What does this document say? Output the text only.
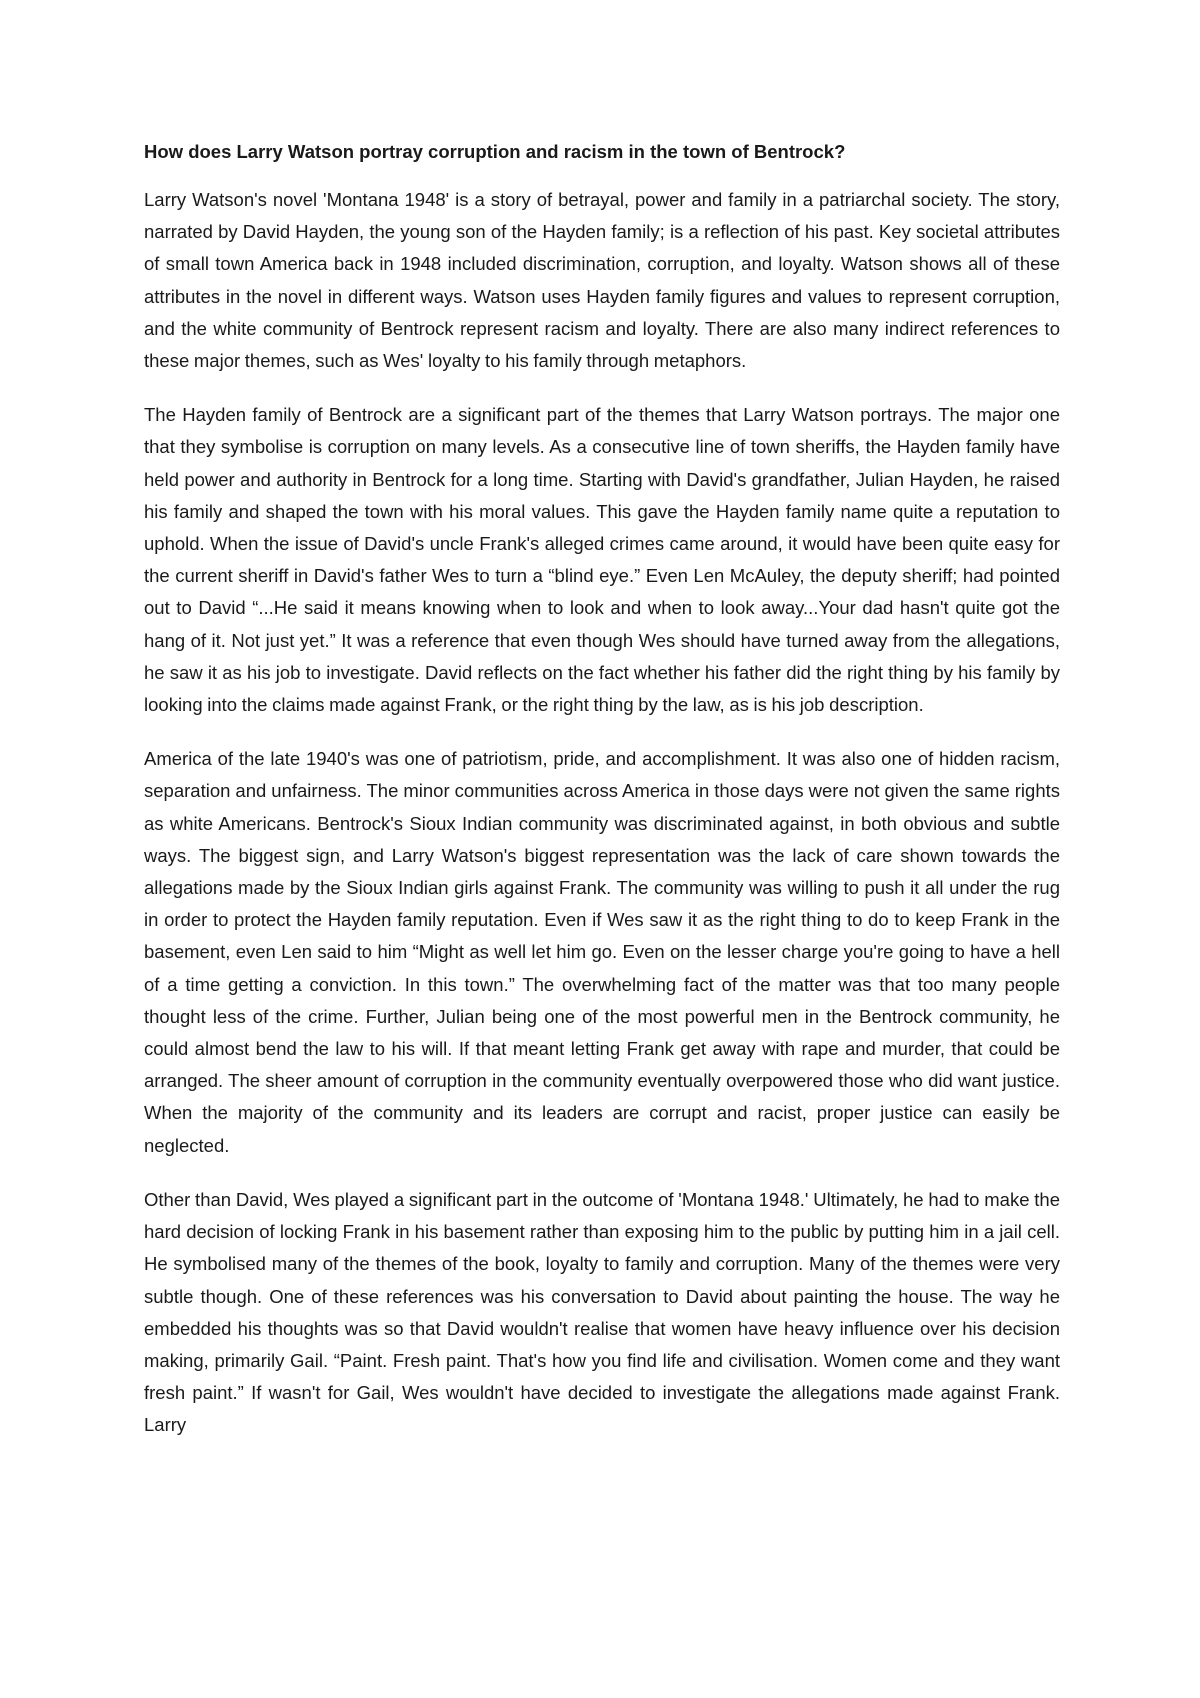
How does Larry Watson portray corruption and racism in the town of Bentrock?

Larry Watson's novel 'Montana 1948' is a story of betrayal, power and family in a patriarchal society. The story, narrated by David Hayden, the young son of the Hayden family; is a reflection of his past. Key societal attributes of small town America back in 1948 included discrimination, corruption, and loyalty. Watson shows all of these attributes in the novel in different ways. Watson uses Hayden family figures and values to represent corruption, and the white community of Bentrock represent racism and loyalty. There are also many indirect references to these major themes, such as Wes' loyalty to his family through metaphors.

The Hayden family of Bentrock are a significant part of the themes that Larry Watson portrays. The major one that they symbolise is corruption on many levels. As a consecutive line of town sheriffs, the Hayden family have held power and authority in Bentrock for a long time. Starting with David's grandfather, Julian Hayden, he raised his family and shaped the town with his moral values. This gave the Hayden family name quite a reputation to uphold. When the issue of David's uncle Frank's alleged crimes came around, it would have been quite easy for the current sheriff in David's father Wes to turn a “blind eye.” Even Len McAuley, the deputy sheriff; had pointed out to David “...He said it means knowing when to look and when to look away...Your dad hasn't quite got the hang of it. Not just yet.” It was a reference that even though Wes should have turned away from the allegations, he saw it as his job to investigate. David reflects on the fact whether his father did the right thing by his family by looking into the claims made against Frank, or the right thing by the law, as is his job description.

America of the late 1940's was one of patriotism, pride, and accomplishment. It was also one of hidden racism, separation and unfairness. The minor communities across America in those days were not given the same rights as white Americans. Bentrock's Sioux Indian community was discriminated against, in both obvious and subtle ways. The biggest sign, and Larry Watson's biggest representation was the lack of care shown towards the allegations made by the Sioux Indian girls against Frank. The community was willing to push it all under the rug in order to protect the Hayden family reputation. Even if Wes saw it as the right thing to do to keep Frank in the basement, even Len said to him “Might as well let him go. Even on the lesser charge you're going to have a hell of a time getting a conviction. In this town.” The overwhelming fact of the matter was that too many people thought less of the crime. Further, Julian being one of the most powerful men in the Bentrock community, he could almost bend the law to his will. If that meant letting Frank get away with rape and murder, that could be arranged. The sheer amount of corruption in the community eventually overpowered those who did want justice. When the majority of the community and its leaders are corrupt and racist, proper justice can easily be neglected.

Other than David, Wes played a significant part in the outcome of 'Montana 1948.' Ultimately, he had to make the hard decision of locking Frank in his basement rather than exposing him to the public by putting him in a jail cell. He symbolised many of the themes of the book, loyalty to family and corruption. Many of the themes were very subtle though. One of these references was his conversation to David about painting the house. The way he embedded his thoughts was so that David wouldn't realise that women have heavy influence over his decision making, primarily Gail. “Paint. Fresh paint. That's how you find life and civilisation. Women come and they want fresh paint.” If wasn't for Gail, Wes wouldn't have decided to investigate the allegations made against Frank. Larry
